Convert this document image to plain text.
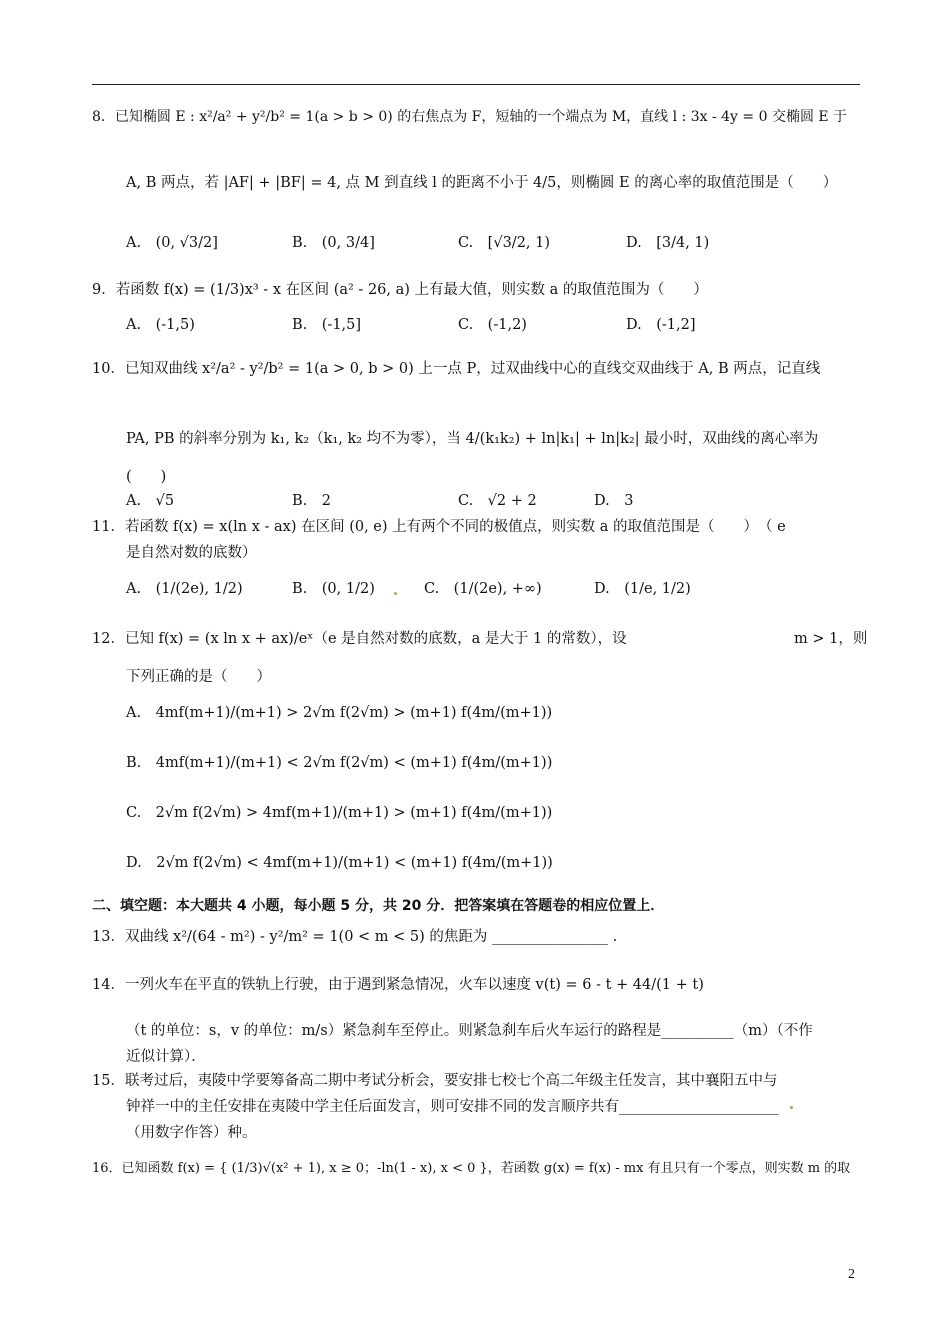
8．已知椭圆 E : x²/a² + y²/b² = 1(a > b > 0) 的右焦点为 F，短轴的一个端点为 M，直线 l : 3x - 4y = 0 交椭圆 E 于
A, B 两点，若 |AF| + |BF| = 4, 点 M 到直线 l 的距离不小于 4/5，则椭圆 E 的离心率的取值范围是（　　）
A.　(0, √3/2]	B.　(0, 3/4]	C.　[√3/2, 1)	D.　[3/4, 1)
9．若函数 f(x) = (1/3)x³ - x 在区间 (a² - 26, a) 上有最大值，则实数 a 的取值范围为（　　）
A.　(-1,5)	B.　(-1,5]	C.　(-1,2)	D.　(-1,2]
10．已知双曲线 x²/a² - y²/b² = 1(a > 0, b > 0) 上一点 P，过双曲线中心的直线交双曲线于 A, B 两点，记直线
PA, PB 的斜率分别为 k₁, k₂（k₁, k₂ 均不为零），当 4/(k₁k₂) + ln|k₁| + ln|k₂| 最小时，双曲线的离心率为
(　　)
A.　√5	B.　2	C.　√2 + 2	D.　3
11．若函数 f(x) = x(ln x - ax) 在区间 (0, e) 上有两个不同的极值点，则实数 a 的取值范围是（　　）　（ e
是自然对数的底数）
A.　(1/(2e), 1/2)	B.　(0, 1/2)	C.　(1/(2e), +∞)	D.　(1/e, 1/2)
12．已知 f(x) = (x ln x + ax)/eˣ（e 是自然对数的底数，a 是大于 1 的常数），设	m > 1，则
下列正确的是（　　）
A.　4mf(m+1)/(m+1) > 2√m f(2√m) > (m+1) f(4m/(m+1))
B.　4mf(m+1)/(m+1) < 2√m f(2√m) < (m+1) f(4m/(m+1))
C.　2√m f(2√m) > 4mf(m+1)/(m+1) > (m+1) f(4m/(m+1))
D.　2√m f(2√m) < 4mf(m+1)/(m+1) < (m+1) f(4m/(m+1))
二、填空题：本大题共 4 小题，每小题 5 分，共 20 分．把答案填在答题卷的相应位置上．
13．双曲线 x²/(64 - m²) - y²/m² = 1(0 < m < 5) 的焦距为 ________________ .
14．一列火车在平直的铁轨上行驶，由于遇到紧急情况，火车以速度 v(t) = 6 - t + 44/(1 + t)
（t 的单位：s，v 的单位：m/s）紧急刹车至停止。则紧急刹车后火车运行的路程是__________（m）（不作
近似计算）．
15．联考过后，夷陵中学要筹备高二期中考试分析会，要安排七校七个高二年级主任发言，其中襄阳五中与
钟祥一中的主任安排在夷陵中学主任后面发言，则可安排不同的发言顺序共有______________________
（用数字作答）种。
16．已知函数 f(x) = { (1/3)√(x² + 1), x ≥ 0；-ln(1 - x), x < 0 }，若函数 g(x) = f(x) - mx 有且只有一个零点，则实数 m 的取
2
